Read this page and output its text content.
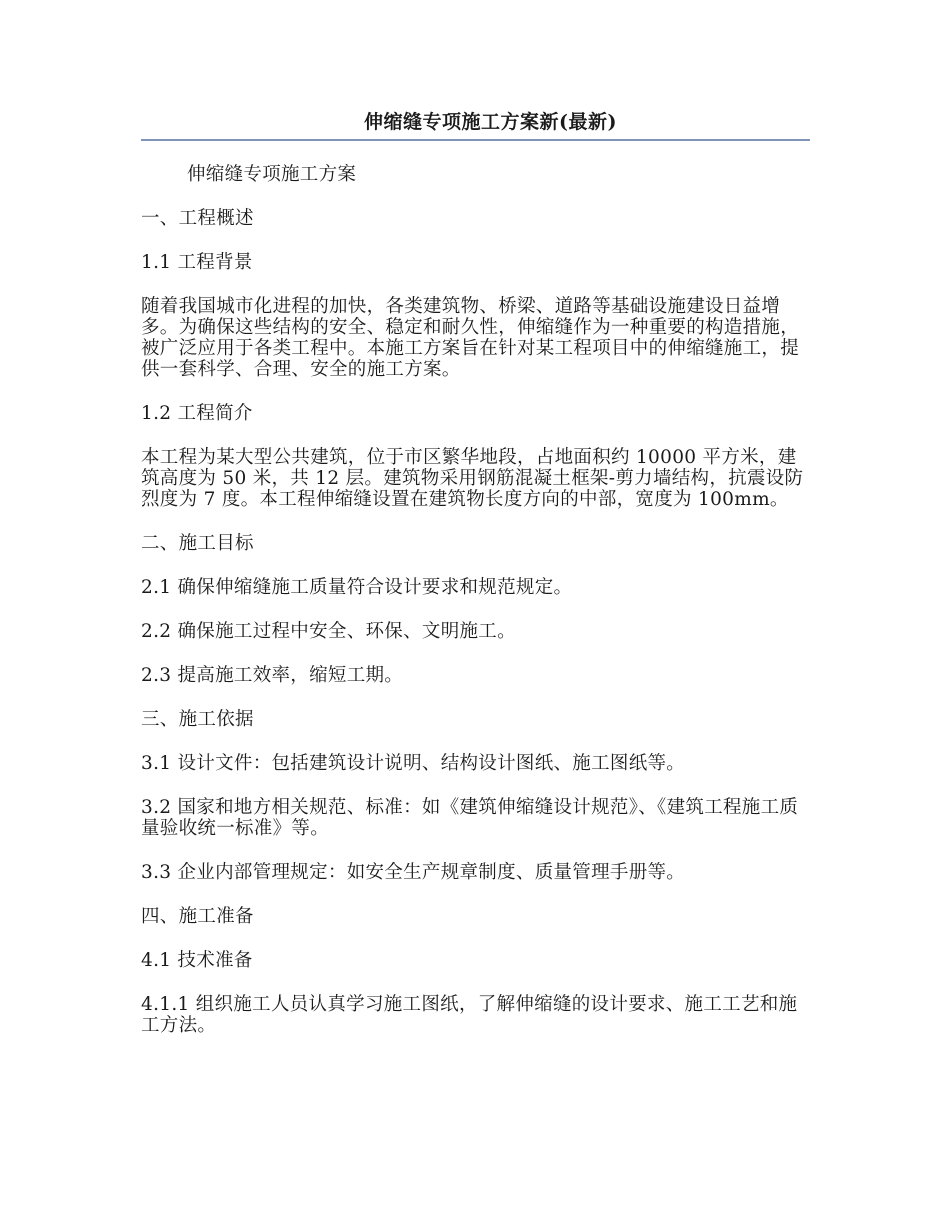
伸缩缝专项施工方案新(最新)

伸缩缝专项施工方案

一、工程概述

1.1 工程背景

随着我国城市化进程的加快，各类建筑物、桥梁、道路等基础设施建设日益增多。为确保这些结构的安全、稳定和耐久性，伸缩缝作为一种重要的构造措施，被广泛应用于各类工程中。本施工方案旨在针对某工程项目中的伸缩缝施工，提供一套科学、合理、安全的施工方案。

1.2 工程简介

本工程为某大型公共建筑，位于市区繁华地段，占地面积约 10000 平方米，建筑高度为 50 米，共 12 层。建筑物采用钢筋混凝土框架-剪力墙结构，抗震设防烈度为 7 度。本工程伸缩缝设置在建筑物长度方向的中部，宽度为 100mm。

二、施工目标

2.1 确保伸缩缝施工质量符合设计要求和规范规定。

2.2 确保施工过程中安全、环保、文明施工。

2.3 提高施工效率，缩短工期。

三、施工依据

3.1 设计文件：包括建筑设计说明、结构设计图纸、施工图纸等。

3.2 国家和地方相关规范、标准：如《建筑伸缩缝设计规范》、《建筑工程施工质量验收统一标准》等。

3.3 企业内部管理规定：如安全生产规章制度、质量管理手册等。

四、施工准备

4.1 技术准备

4.1.1 组织施工人员认真学习施工图纸，了解伸缩缝的设计要求、施工工艺和施工方法。
